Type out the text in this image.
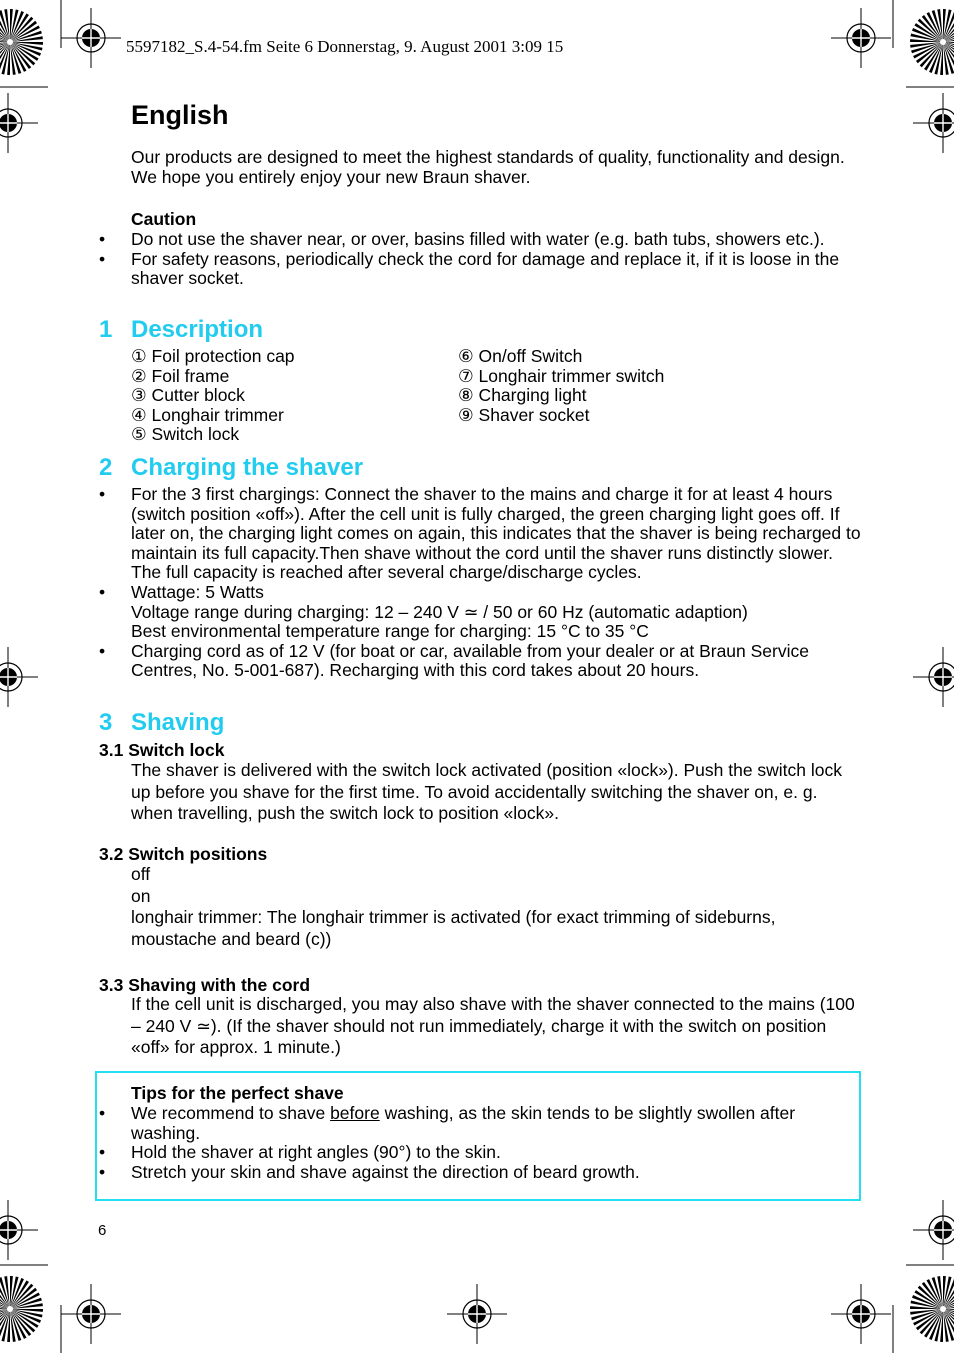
5597182_S.4-54.fm Seite 6 Donnerstag, 9. August 2001 3:09 15
English
Our products are designed to meet the highest standards of quality, functionality and design. We hope you entirely enjoy your new Braun shaver.
Caution
• Do not use the shaver near, or over, basins filled with water (e.g. bath tubs, showers etc.).
• For safety reasons, periodically check the cord for damage and replace it, if it is loose in the shaver socket.
1 Description
① Foil protection cap
② Foil frame
③ Cutter block
④ Longhair trimmer
⑤ Switch lock
⑥ On/off Switch
⑦ Longhair trimmer switch
⑧ Charging light
⑨ Shaver socket
2 Charging the shaver
• For the 3 first chargings: Connect the shaver to the mains and charge it for at least 4 hours (switch position «off»). After the cell unit is fully charged, the green charging light goes off. If later on, the charging light comes on again, this indicates that the shaver is being recharged to maintain its full capacity.Then shave without the cord until the shaver runs distinctly slower. The full capacity is reached after several charge/discharge cycles.
• Wattage: 5 Watts
Voltage range during charging: 12 – 240 V ≃ / 50 or 60 Hz (automatic adaption)
Best environmental temperature range for charging: 15 °C to 35 °C
• Charging cord as of 12 V (for boat or car, available from your dealer or at Braun Service Centres, No. 5-001-687). Recharging with this cord takes about 20 hours.
3 Shaving
3.1 Switch lock
The shaver is delivered with the switch lock activated (position «lock»). Push the switch lock up before you shave for the first time. To avoid accidentally switching the shaver on, e. g. when travelling, push the switch lock to position «lock».
3.2 Switch positions
off
on
longhair trimmer: The longhair trimmer is activated (for exact trimming of sideburns, moustache and beard (c))
3.3 Shaving with the cord
If the cell unit is discharged, you may also shave with the shaver connected to the mains (100 – 240 V ≃). (If the shaver should not run immediately, charge it with the switch on position «off» for approx. 1 minute.)
Tips for the perfect shave
• We recommend to shave before washing, as the skin tends to be slightly swollen after washing.
• Hold the shaver at right angles (90°) to the skin.
• Stretch your skin and shave against the direction of beard growth.
6
